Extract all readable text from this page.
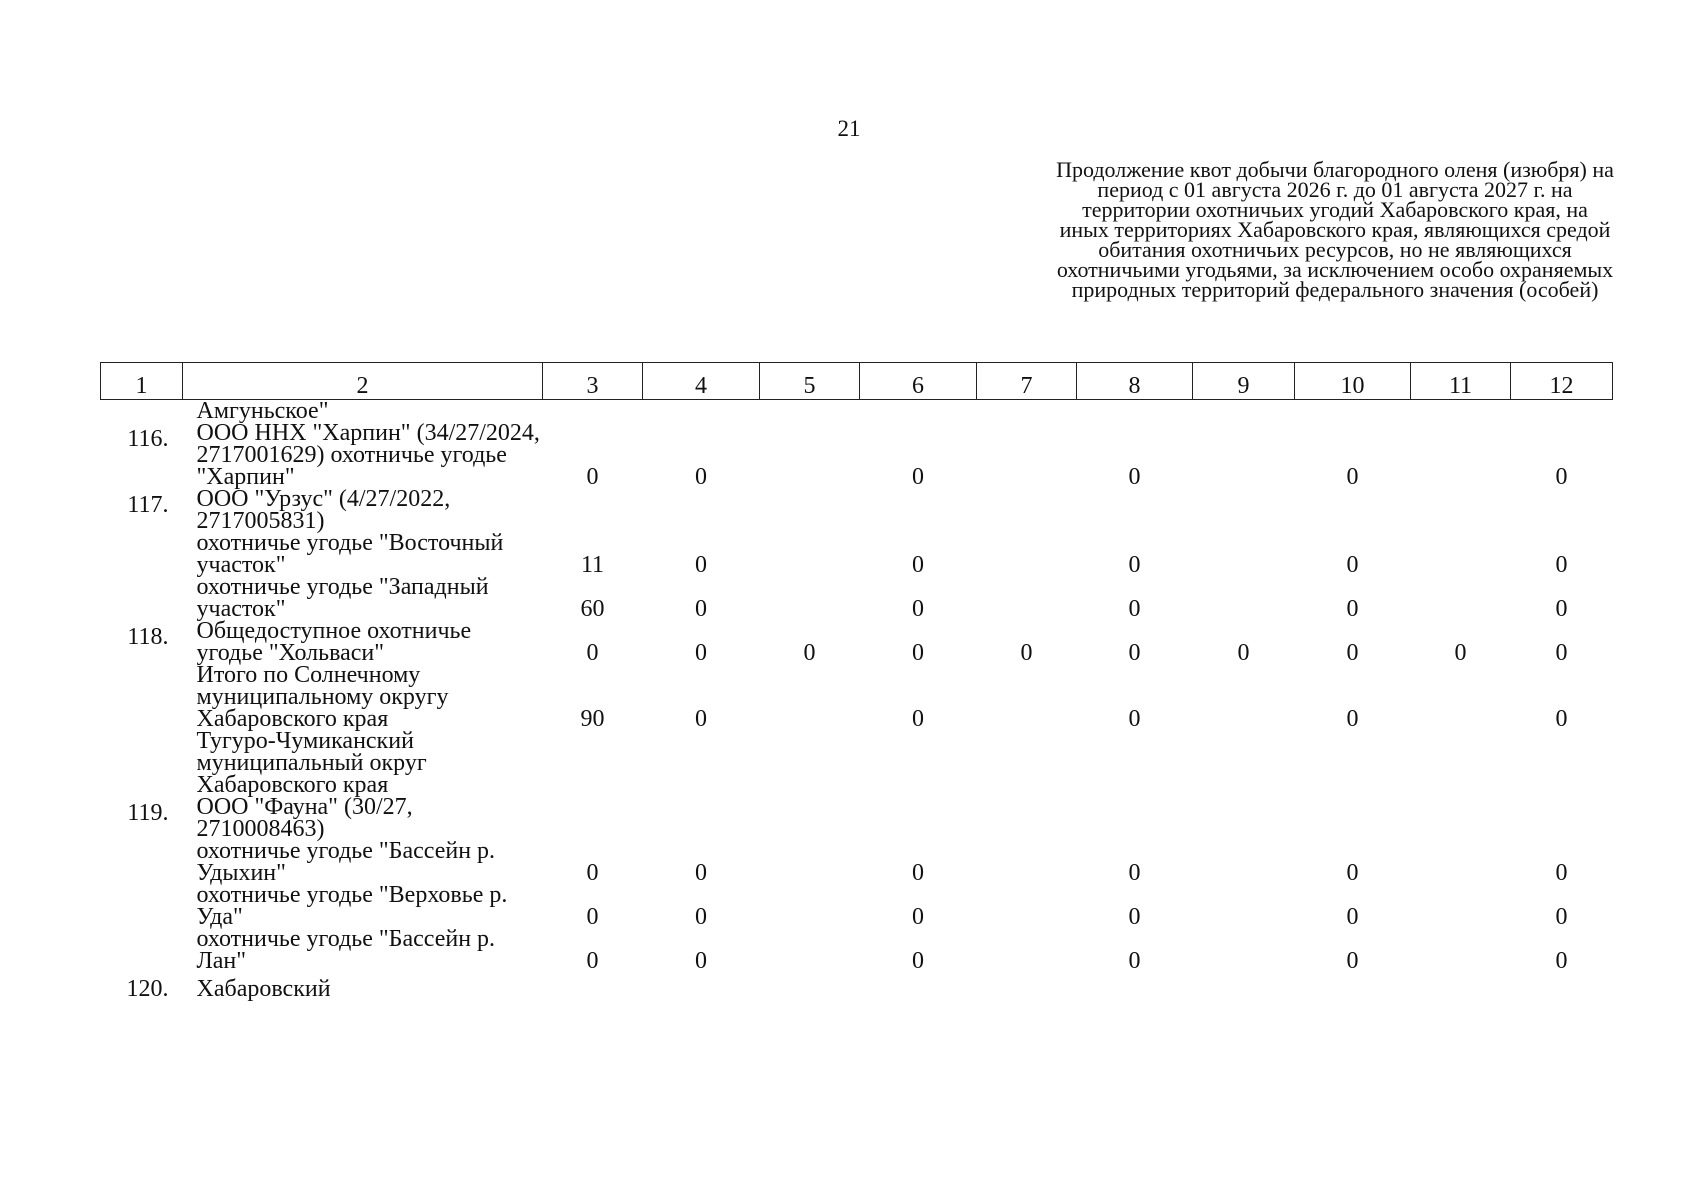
21
Продолжение квот добычи благородного оленя (изюбря) на период с 01 августа 2026 г. до 01 августа 2027 г. на территории охотничьих угодий Хабаровского края, на иных территориях Хабаровского края, являющихся средой обитания охотничьих ресурсов, но не являющихся охотничьими угодьями, за исключением особо охраняемых природных территорий федерального значения (особей)
1	2	3	4	5	6	7	8	9	10	11	12
	Амгуньское"										
116.	ООО ННХ "Харпин" (34/27/2024, 2717001629) охотничье угодье "Харпин"	0	0		0		0		0		0
117.	ООО "Урзус" (4/27/2022, 2717005831)										
	охотничье угодье "Восточный участок"	11	0		0		0		0		0
	охотничье угодье "Западный участок"	60	0		0		0		0		0
118.	Общедоступное охотничье угодье "Хольваси"	0	0	0	0	0	0	0	0	0	0
	Итого по Солнечному муниципальному округу Хабаровского края	90	0		0		0		0		0
	Тугуро-Чумиканский муниципальный округ Хабаровского края										
119.	ООО "Фауна" (30/27, 2710008463)										
	охотничье угодье "Бассейн р. Удыхин"	0	0		0		0		0		0
	охотничье угодье "Верховье р. Уда"	0	0		0		0		0		0
	охотничье угодье "Бассейн р. Лан"	0	0		0		0		0		0
120.	Хабаровский										
